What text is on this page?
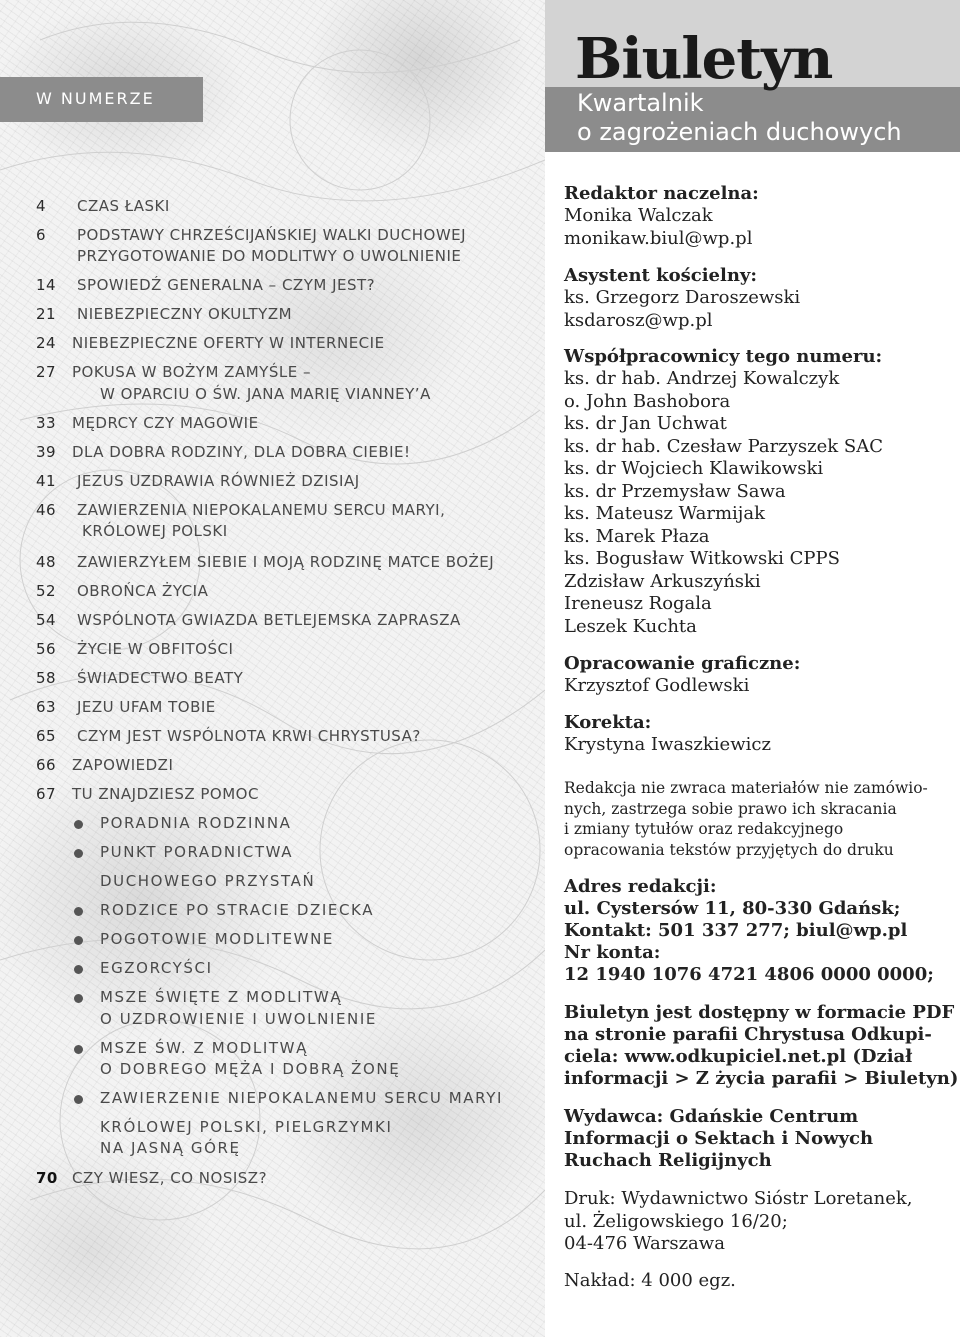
W NUMERZE
4	CZAS ŁASKI
6	PODSTAWY CHRZEŚCIJAŃSKIEJ WALKI DUCHOWEJ
PRZYGOTOWANIE DO MODLITWY O UWOLNIENIE
14	SPOWIEDŹ GENERALNA – CZYM JEST?
21	NIEBEZPIECZNY OKULTYZM
24	NIEBEZPIECZNE OFERTY W INTERNECIE
27	POKUSA W BOŻYM ZAMYŚLE –
W OPARCIU O ŚW. JANA MARIĘ VIANNEY’A
33	MĘDRCY CZY MAGOWIE
39	DLA DOBRA RODZINY, DLA DOBRA CIEBIE!
41	JEZUS UZDRAWIA RÓWNIEŻ DZISIAJ
46	ZAWIERZENIA NIEPOKALANEMU SERCU MARYI,
KRÓLOWEJ POLSKI
48	ZAWIERZYŁEM SIEBIE I MOJĄ RODZINĘ MATCE BOŻEJ
52	OBROŃCA ŻYCIA
54	WSPÓLNOTA GWIAZDA BETLEJEMSKA ZAPRASZA
56	ŻYCIE W OBFITOŚCI
58	ŚWIADECTWO BEATY
63	JEZU UFAM TOBIE
65	CZYM JEST WSPÓLNOTA KRWI CHRYSTUSA?
66	ZAPOWIEDZI
67	TU ZNAJDZIESZ POMOC
PORADNIA RODZINNA
PUNKT PORADNICTWA
DUCHOWEGO PRZYSTAŃ
RODZICE PO STRACIE DZIECKA
POGOTOWIE MODLITEWNE
EGZORCYŚCI
MSZE ŚWIĘTE Z MODLITWĄ
O UZDROWIENIE I UWOLNIENIE
MSZE ŚW. Z MODLITWĄ
O DOBREGO MĘŻA I DOBRĄ ŻONĘ
ZAWIERZENIE NIEPOKALANEMU SERCU MARYI
KRÓLOWEJ POLSKI, PIELGRZYMKI
NA JASNĄ GÓRĘ
70 CZY WIESZ, CO NOSISZ?
Biuletyn
Kwartalnik
o zagrożeniach duchowych
Redaktor naczelna:
Monika Walczak
monikaw.biul@wp.pl
Asystent kościelny:
ks. Grzegorz Daroszewski
ksdarosz@wp.pl
Współpracownicy tego numeru:
ks. dr hab. Andrzej Kowalczyk
o. John Bashobora
ks. dr Jan Uchwat
ks. dr hab. Czesław Parzyszek SAC
ks. dr Wojciech Klawikowski
ks. dr Przemysław Sawa
ks. Mateusz Warmijak
ks. Marek Płaza
ks. Bogusław Witkowski CPPS
Zdzisław Arkuszyński
Ireneusz Rogala
Leszek Kuchta
Opracowanie graficzne:
Krzysztof Godlewski
Korekta:
Krystyna Iwaszkiewicz
Redakcja nie zwraca materiałów nie zamówio-
nych, zastrzega sobie prawo ich skracania
i zmiany tytułów oraz redakcyjnego
opracowania tekstów przyjętych do druku
Adres redakcji:
ul. Cystersów 11, 80-330 Gdańsk;
Kontakt: 501 337 277; biul@wp.pl
Nr konta:
12 1940 1076 4721 4806 0000 0000;
Biuletyn jest dostępny w formacie PDF
na stronie parafii Chrystusa Odkupi-
ciela: www.odkupiciel.net.pl (Dział
informacji > Z życia parafii > Biuletyn)
Wydawca: Gdańskie Centrum
Informacji o Sektach i Nowych
Ruchach Religijnych
Druk: Wydawnictwo Sióstr Loretanek,
ul. Żeligowskiego 16/20;
04-476 Warszawa
Nakład: 4 000 egz.
